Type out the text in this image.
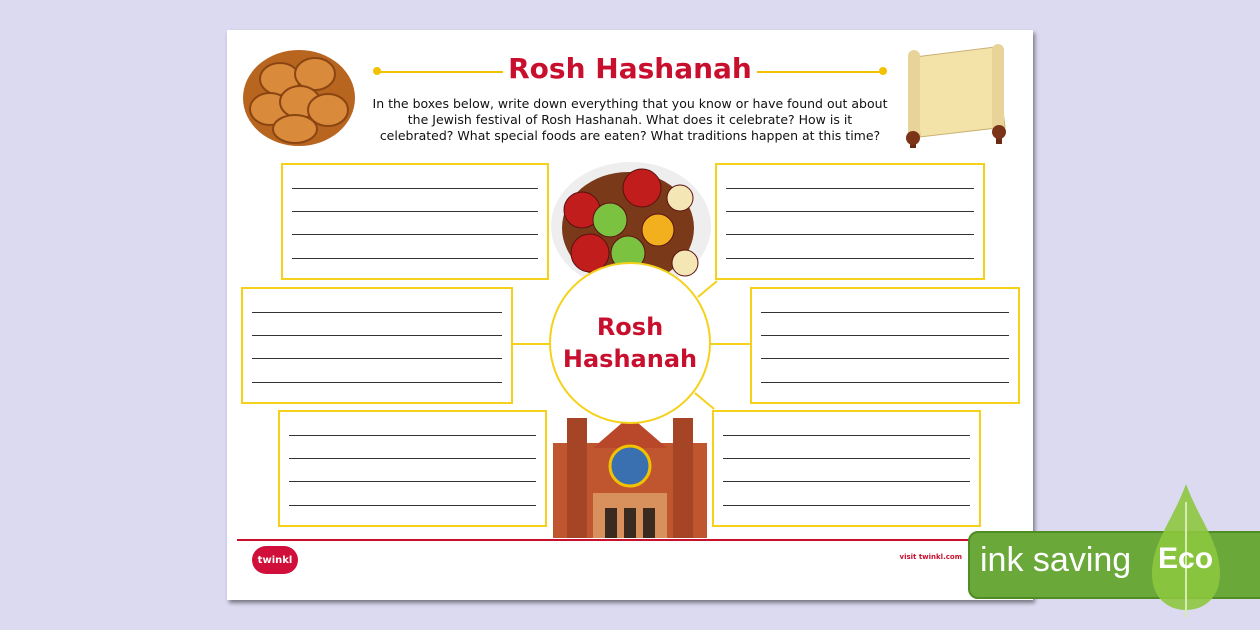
Rosh Hashanah
In the boxes below, write down everything that you know or have found out about the Jewish festival of Rosh Hashanah. What does it celebrate? How is it celebrated? What special foods are eaten? What traditions happen at this time?
Rosh
Hashanah
twinkl	visit twinkl.com ink saving Eco
